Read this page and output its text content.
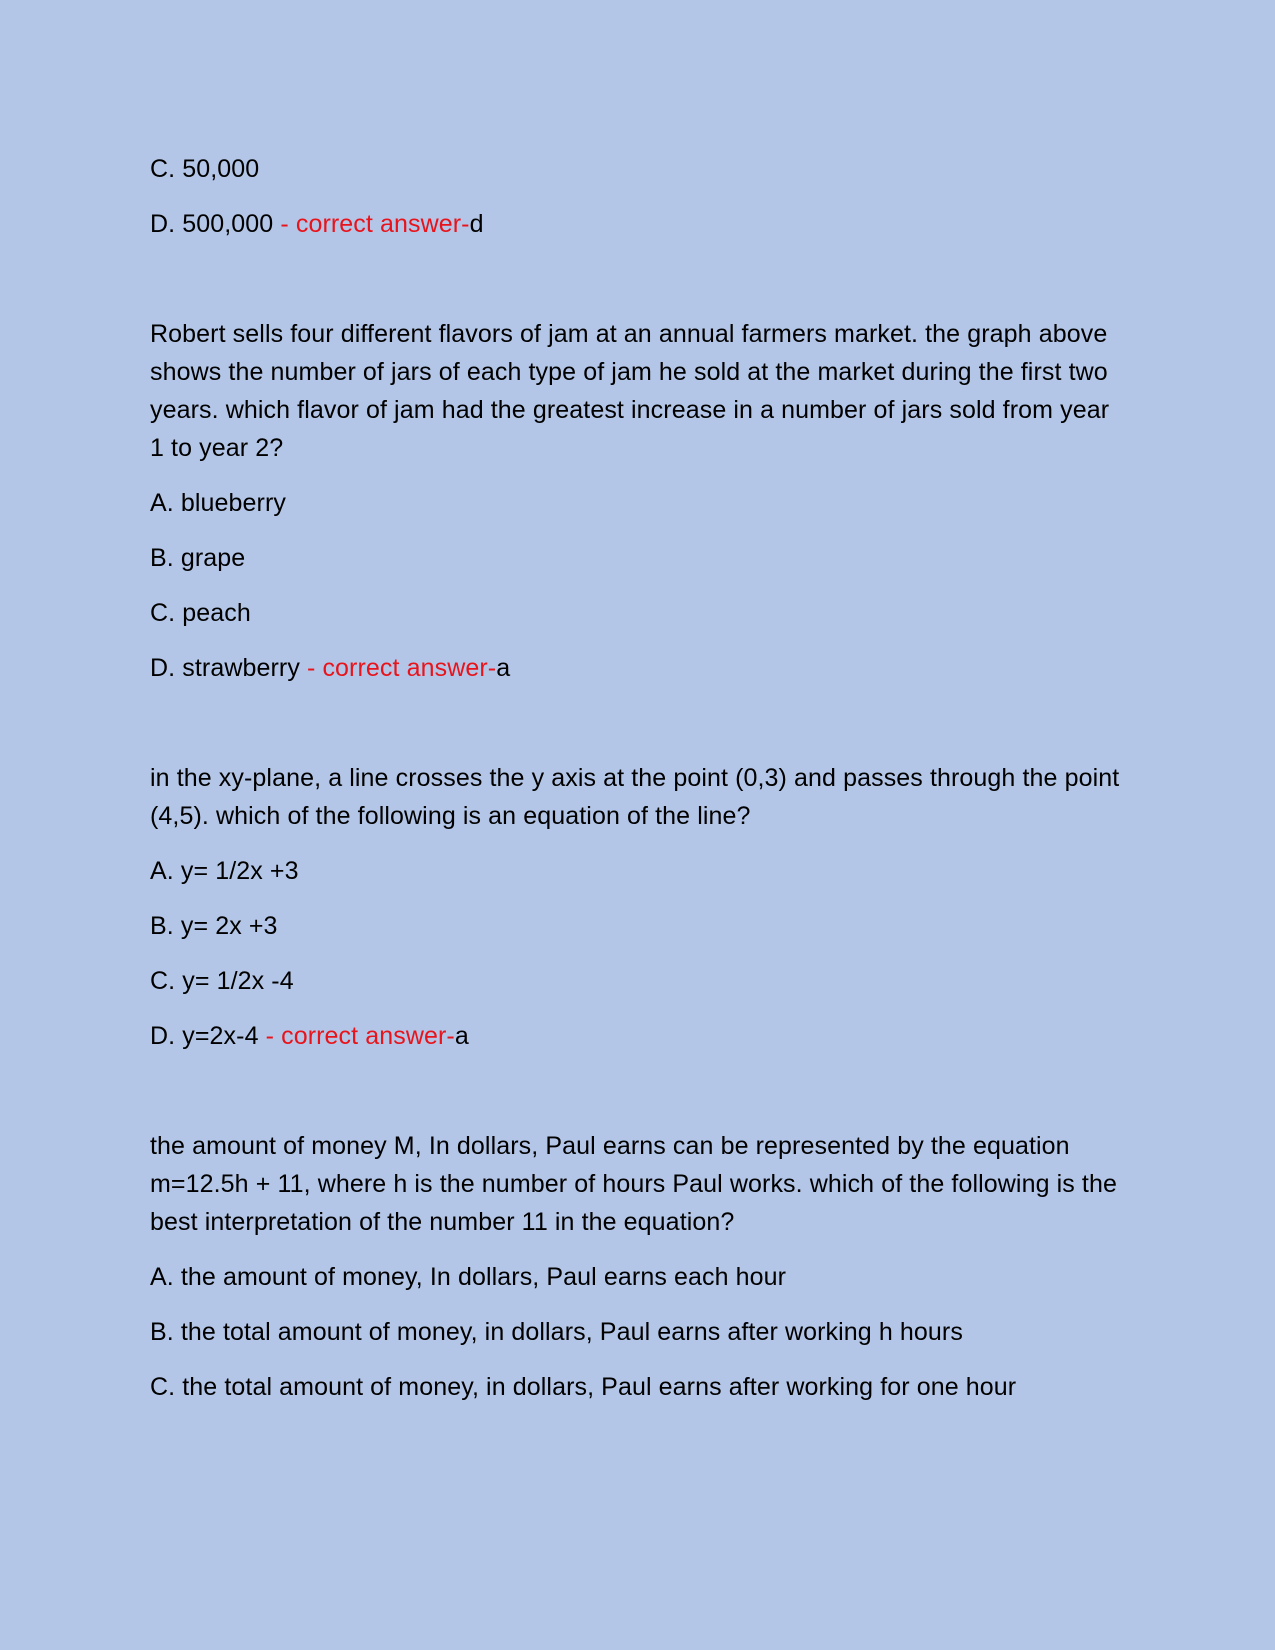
C. 50,000
D. 500,000 - correct answer-d
Robert sells four different flavors of jam at an annual farmers market. the graph above shows the number of jars of each type of jam he sold at the market during the first two years. which flavor of jam had the greatest increase in a number of jars sold from year 1 to year 2?
A. blueberry
B. grape
C. peach
D. strawberry - correct answer-a
in the xy-plane, a line crosses the y axis at the point (0,3) and passes through the point (4,5). which of the following is an equation of the line?
A. y= 1/2x +3
B. y= 2x +3
C. y= 1/2x -4
D. y=2x-4 - correct answer-a
the amount of money M, In dollars, Paul earns can be represented by the equation m=12.5h + 11, where h is the number of hours Paul works. which of the following is the best interpretation of the number 11 in the equation?
A. the amount of money, In dollars, Paul earns each hour
B. the total amount of money, in dollars, Paul earns after working h hours
C. the total amount of money, in dollars, Paul earns after working for one hour
